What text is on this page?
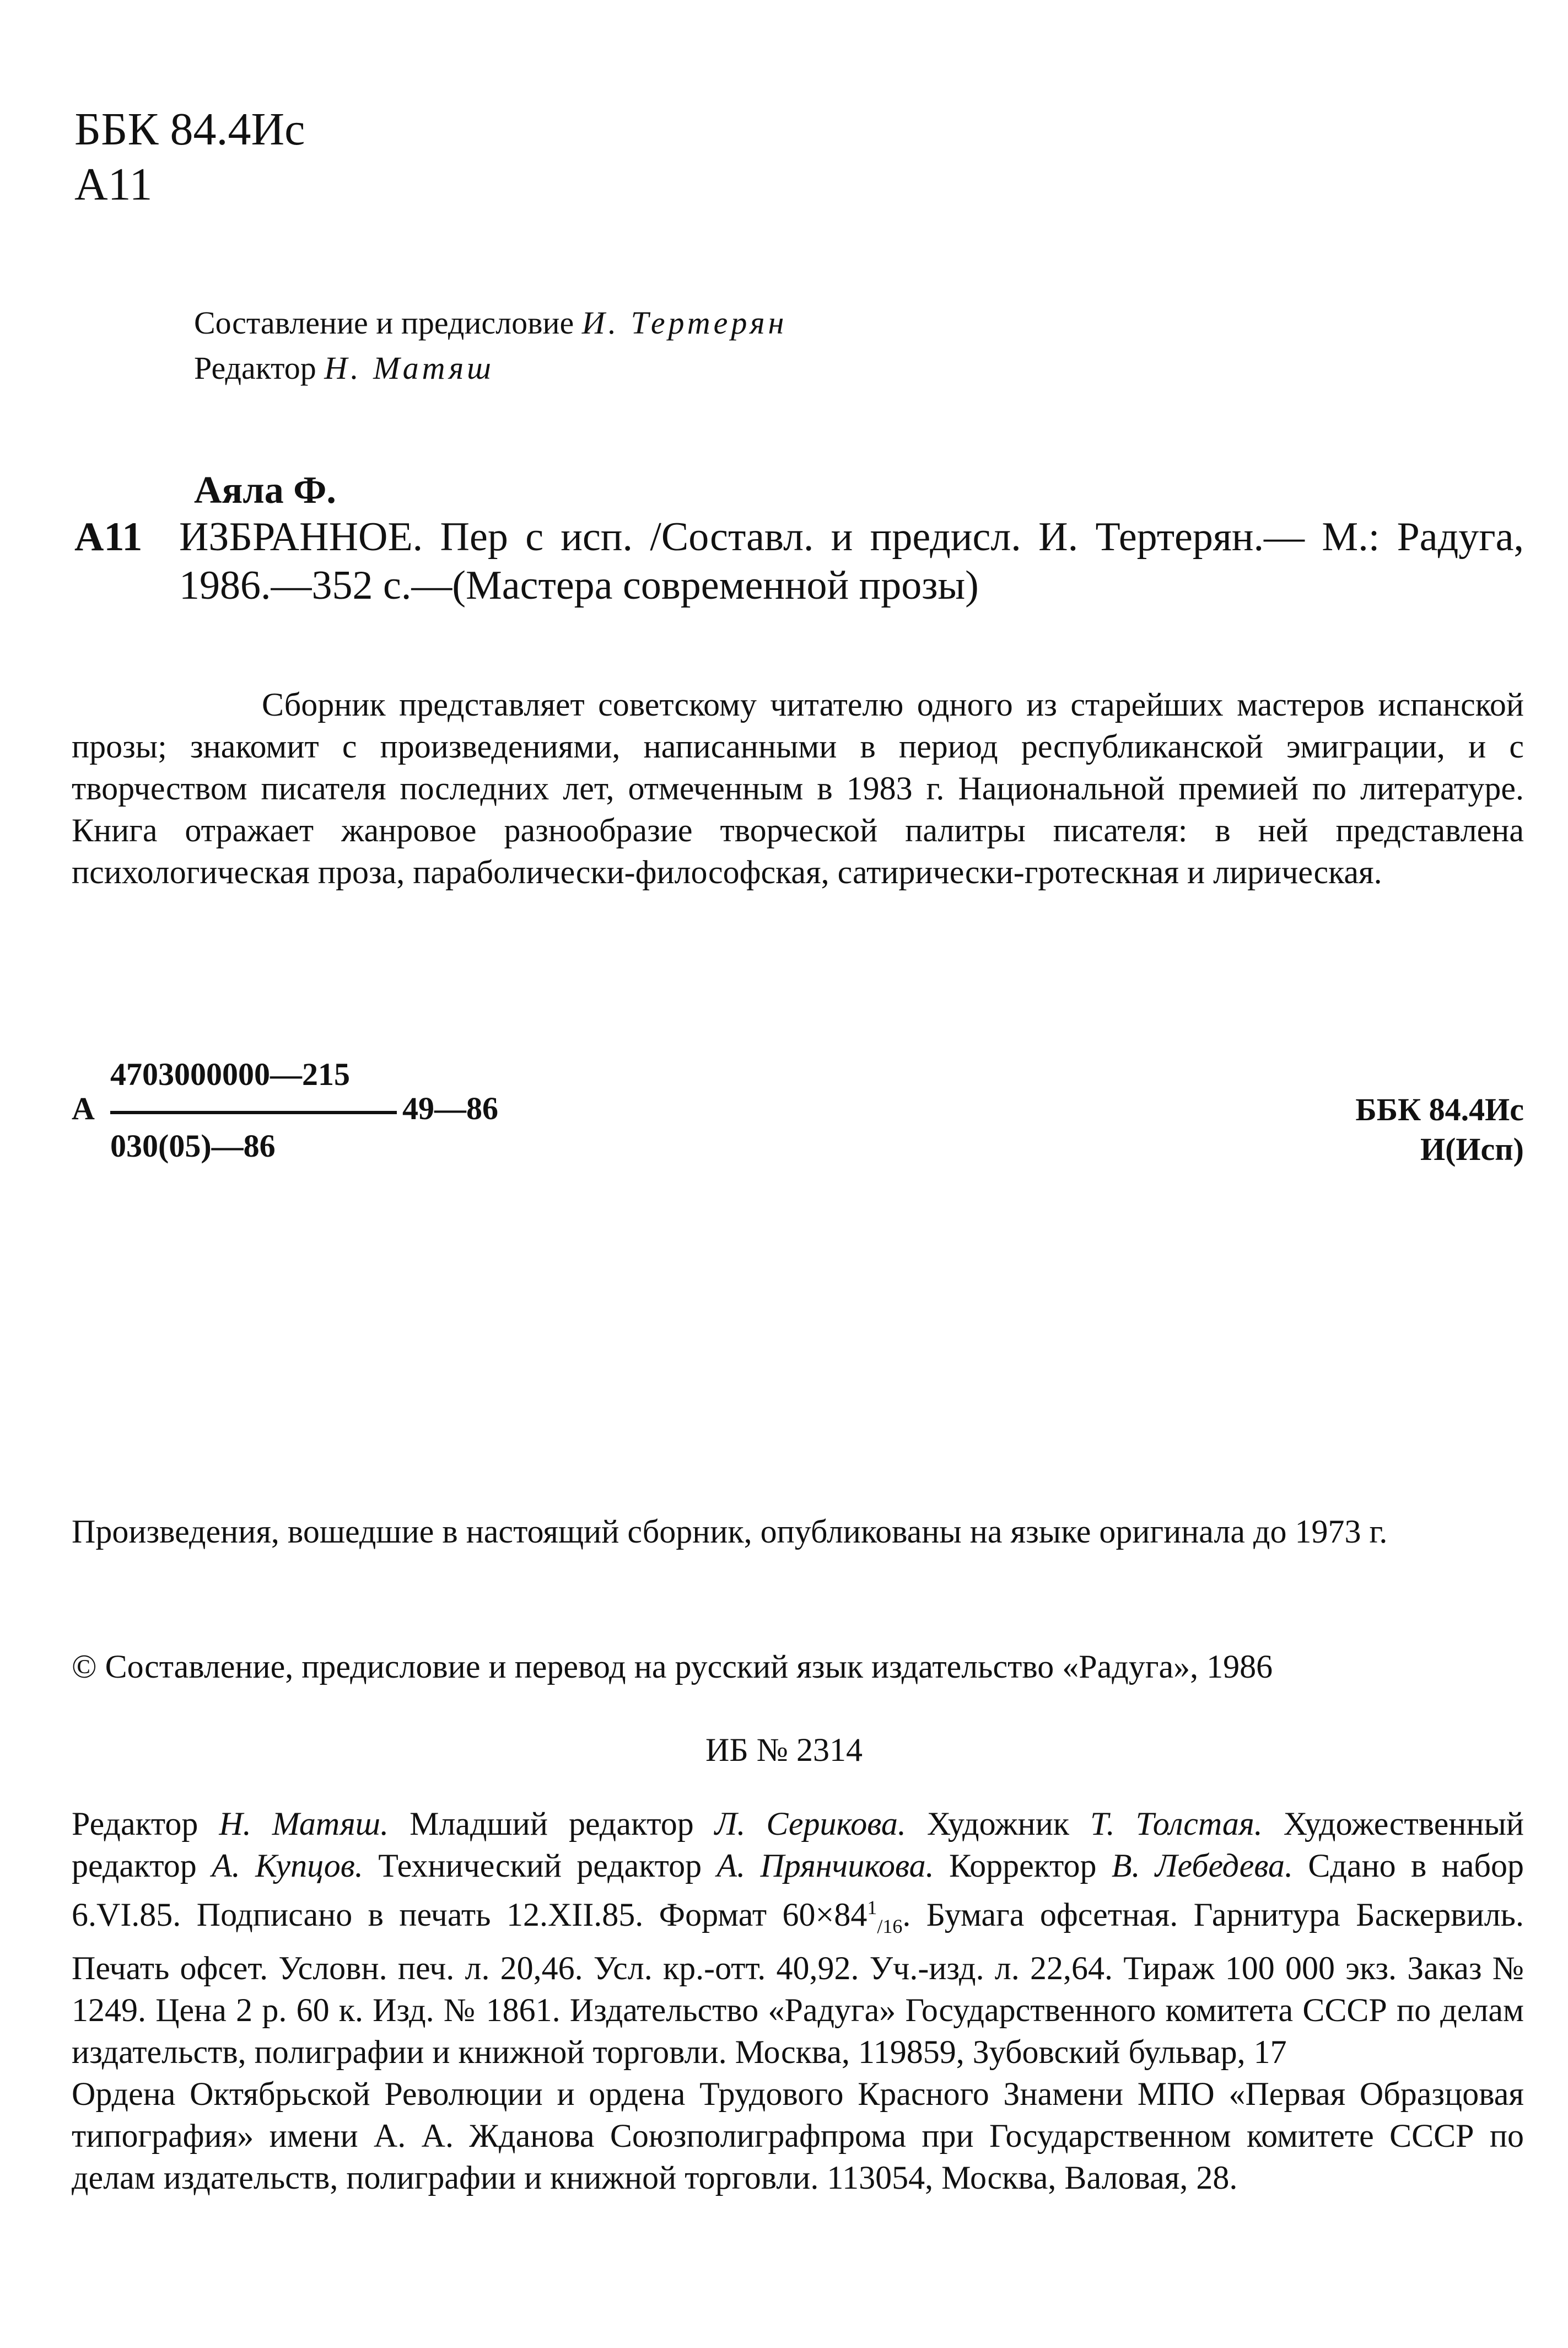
ББК 84.4Ис
А11
Составление и предисловие И. Тертерян
Редактор Н. Матяш
Аяла Ф.
А11 ИЗБРАННОЕ. Пер с исп. /Составл. и предисл. И. Тертерян.— М.: Радуга, 1986.—352 с.—(Мастера современной прозы)

Сборник представляет советскому читателю одного из старейших мастеров испанской прозы; знакомит с произведениями, написанными в период республиканской эмиграции, и с творчеством писателя последних лет, отмеченным в 1983 г. Национальной премией по литературе. Книга отражает жанровое разнообразие творческой палитры писателя: в ней представлена психологическая проза, параболически-философская, сатирически-гротескная и лирическая.

4703000000—215
А	49—86
030(05)—86
ББК 84.4Ис
И(Исп)
Произведения, вошедшие в настоящий сборник, опубликованы на языке оригинала до 1973 г.
© Составление, предисловие и перевод на русский язык издательство «Радуга», 1986
ИБ № 2314

Редактор Н. Матяш. Младший редактор Л. Серикова. Художник Т. Толстая. Художественный редактор А. Купцов. Технический редактор А. Прянчикова. Корректор В. Лебедева. Сдано в набор 6.VI.85. Подписано в печать 12.XII.85. Формат $60\times 84^1_{/16}$. Бумага офсетная. Гарнитура Баскервиль. Печать офсет. Условн. печ. л. 20,46. Усл. кр.-отт. 40,92. Уч.-изд. л. 22,64. Тираж 100 000 экз. Заказ № 1249. Цена 2 р. 60 к. Изд. № 1861. Издательство «Радуга» Государственного комитета СССР по делам издательств, полиграфии и книжной торговли. Москва, 119859, Зубовский бульвар, 17

Ордена Октябрьской Революции и ордена Трудового Красного Знамени МПО «Первая Образцовая типография» имени А. А. Жданова Союзполиграфпрома при Государственном комитете СССР по делам издательств, полиграфии и книжной торговли. 113054, Москва, Валовая, 28.
